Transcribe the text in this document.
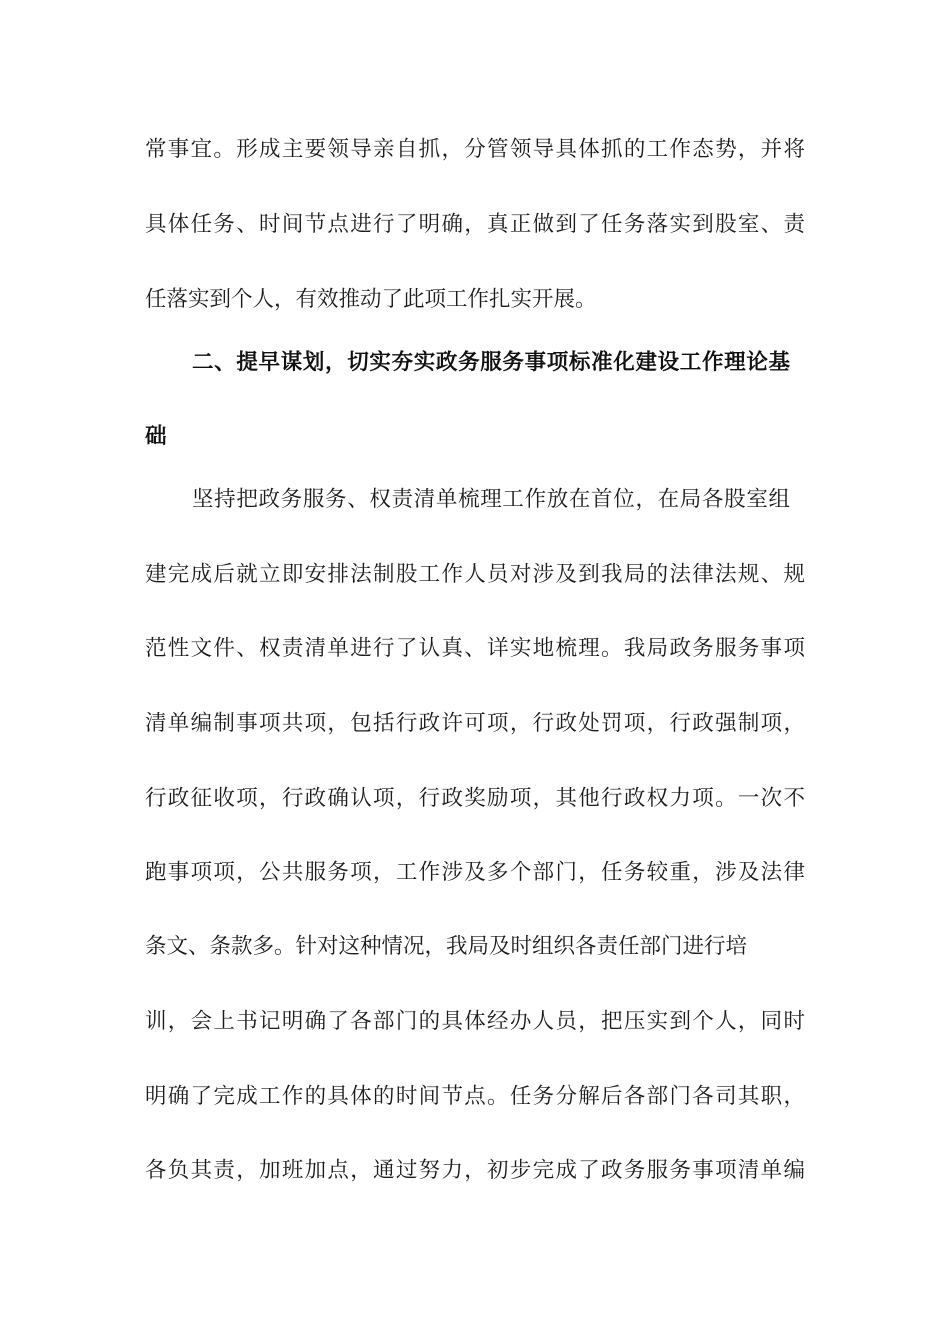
常事宜。形成主要领导亲自抓，分管领导具体抓的工作态势，并将
具体任务、时间节点进行了明确，真正做到了任务落实到股室、责
任落实到个人，有效推动了此项工作扎实开展。
二、提早谋划，切实夯实政务服务事项标准化建设工作理论基
础
坚持把政务服务、权责清单梳理工作放在首位，在局各股室组
建完成后就立即安排法制股工作人员对涉及到我局的法律法规、规
范性文件、权责清单进行了认真、详实地梳理。我局政务服务事项
清单编制事项共项，包括行政许可项，行政处罚项，行政强制项，
行政征收项，行政确认项，行政奖励项，其他行政权力项。一次不
跑事项项，公共服务项，工作涉及多个部门，任务较重，涉及法律
条文、条款多。针对这种情况，我局及时组织各责任部门进行培
训，会上书记明确了各部门的具体经办人员，把压实到个人，同时
明确了完成工作的具体的时间节点。任务分解后各部门各司其职，
各负其责，加班加点，通过努力，初步完成了政务服务事项清单编
